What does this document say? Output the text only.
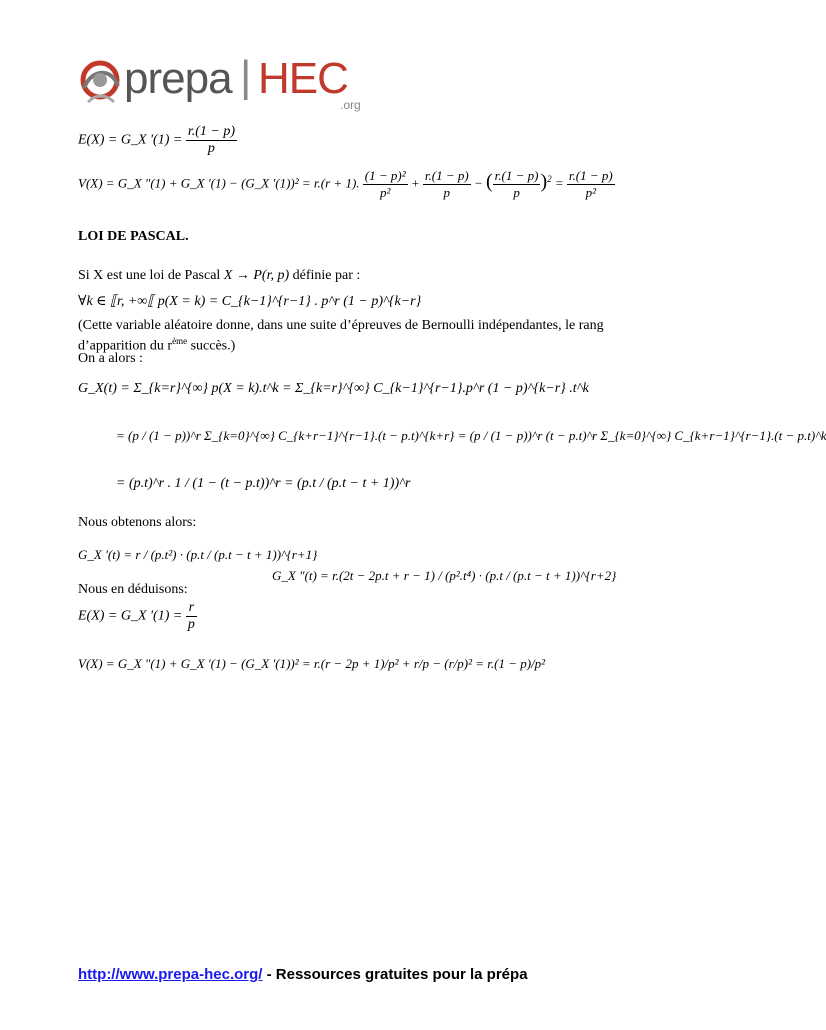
prepa | HEC
.org
E(X) = G_X '$(1) = \frac{r.(1 - p)}{p}$
V(X) = G_X "(1) + G_X '(1) − (G_X '(1))² = r.(r + 1). $\frac{\text{(1 − p)²}}{\text{p²}} + \frac{r.(1 - p)}{p}$ − ( $\frac{r.(1 - p)}{p} )^2 = \frac{r.(1 - p)}{\text{p²}}$
LOI DE PASCAL.
Si X est une loi de Pascal X → P(r, p) définie par :
∀k ∈ ⟦r, +∞⟦ p(X = k) = C_{k−1}^{r−1} . p^r (1 − p)^{k−r}
(Cette variable aléatoire donne, dans une suite d’épreuves de Bernoulli indépendantes, le rang
d’apparition du $r^{ème}$ succès.)
On a alors :
G_X(t) = Σ_{k=r}^{∞} p(X = k).t^k = Σ_{k=r}^{∞} C_{k−1}^{r−1}.p^r (1 − p)^{k−r} .t^k
= (p / (1 − p))^r Σ_{k=0}^{∞} C_{k+r−1}^{r−1}.(t − p.t)^{k+r} = (p / (1 − p))^r (t − p.t)^r Σ_{k=0}^{∞} C_{k+r−1}^{r−1}.(t − p.t)^k
= (p.t)^r . 1 / (1 − (t − p.t))^r = (p.t / (p.t − t + 1))^r
Nous obtenons alors:
G_X '(t) = r / (p.t²) · (p.t / (p.t − t + 1))^{r+1}
G_X "(t) = r.(2t − 2p.t + r − 1) / (p².t⁴) · (p.t / (p.t − t + 1))^{r+2}
Nous en déduisons:
E(X) = G_X '$(1) = \frac{r}{p}$
V(X) = G_X "(1) + G_X '(1) − (G_X '(1))² = r.(r − 2p + 1)/p² + r/p − (r/p)² = r.(1 − p)/p²
http://www.prepa-hec.org/ - Ressources gratuites pour la prépa
